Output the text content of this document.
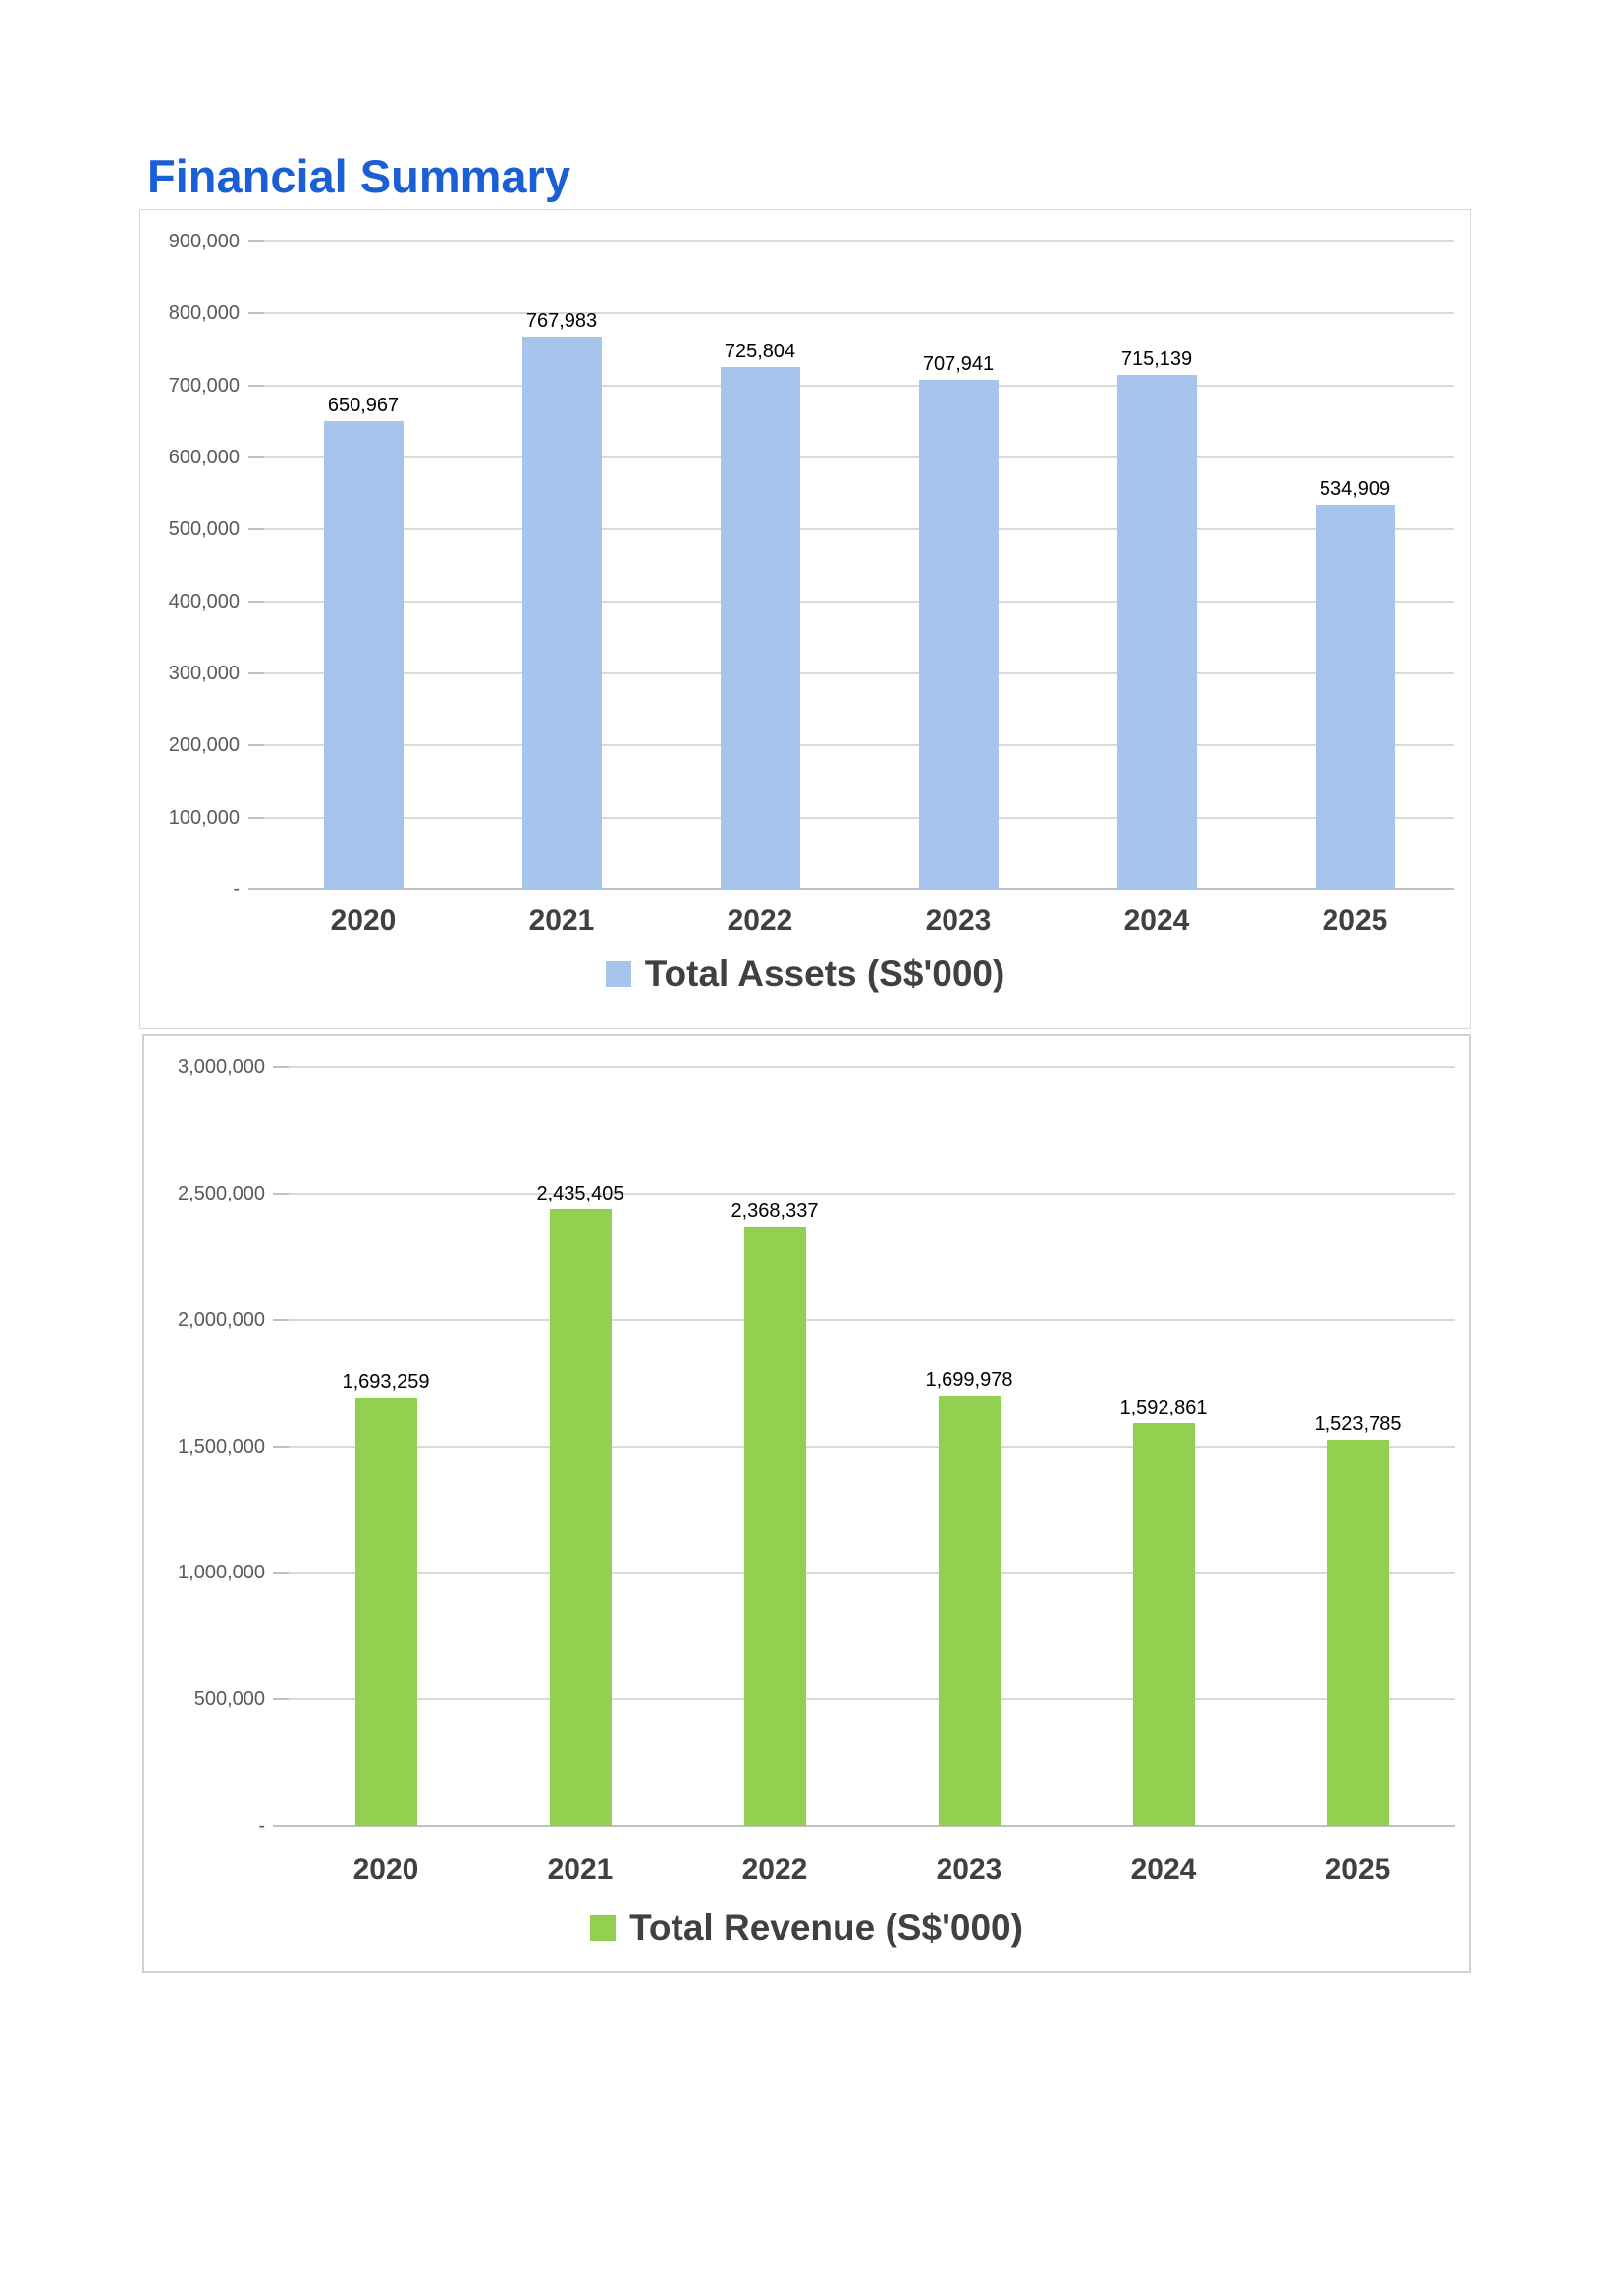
Financial Summary
-
100,000
200,000
300,000
400,000
500,000
600,000
700,000
800,000
900,000
650,967
2020
767,983
2021
725,804
2022
707,941
2023
715,139
2024
534,909
2025
Total Assets (S$'000)
-
500,000
1,000,000
1,500,000
2,000,000
2,500,000
3,000,000
1,693,259
2020
2,435,405
2021
2,368,337
2022
1,699,978
2023
1,592,861
2024
1,523,785
2025
Total Revenue (S$'000)
